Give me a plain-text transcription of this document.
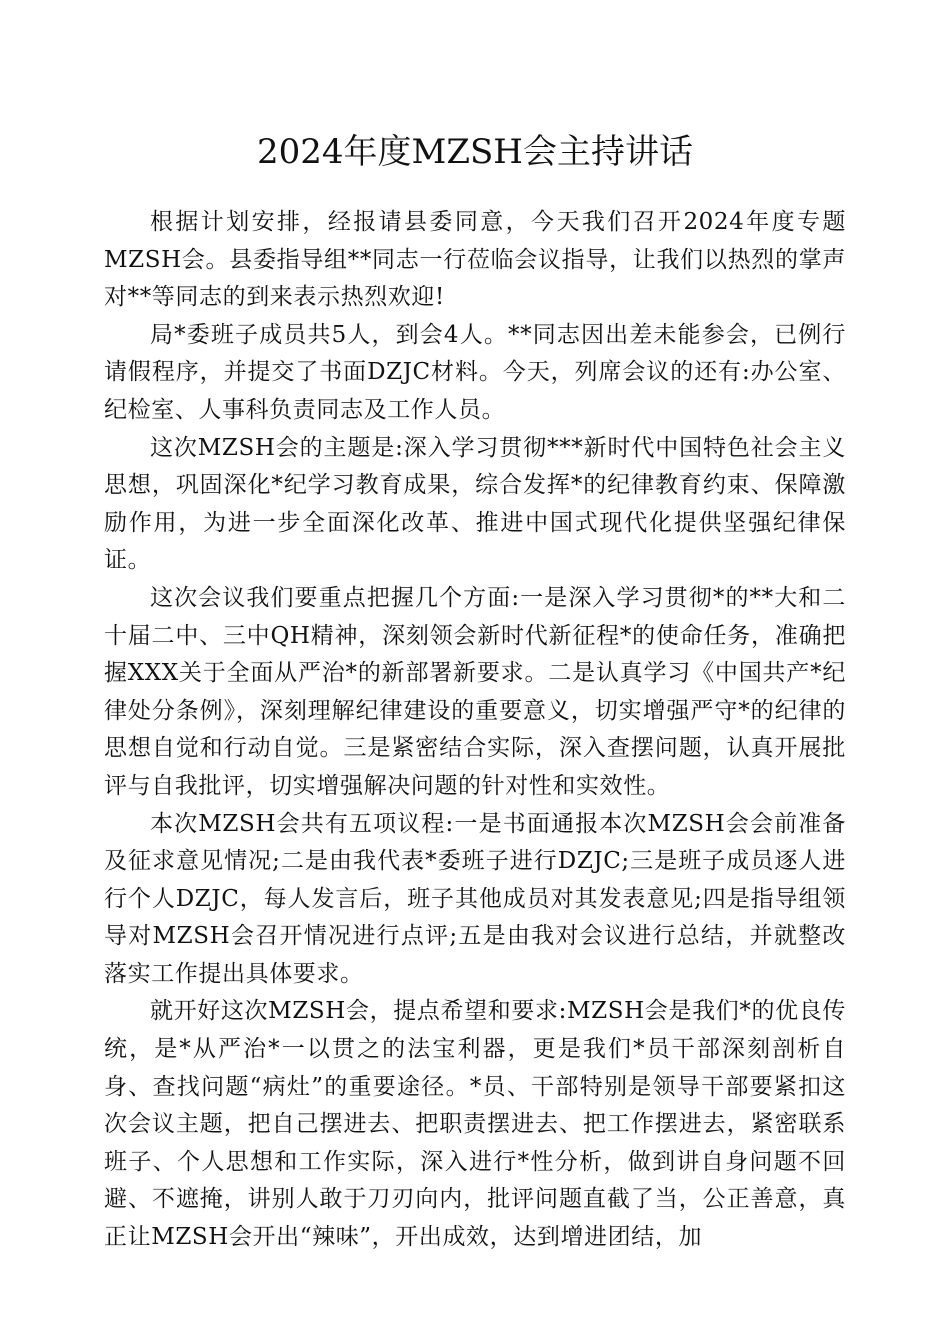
2024年度MZSH会主持讲话

根据计划安排，经报请县委同意，今天我们召开2024年度专题MZSH会。县委指导组**同志一行莅临会议指导，让我们以热烈的掌声对**等同志的到来表示热烈欢迎!

局*委班子成员共5人，到会4人。**同志因出差未能参会，已例行请假程序，并提交了书面DZJC材料。今天，列席会议的还有:办公室、纪检室、人事科负责同志及工作人员。

这次MZSH会的主题是:深入学习贯彻***新时代中国特色社会主义思想，巩固深化*纪学习教育成果，综合发挥*的纪律教育约束、保障激励作用，为进一步全面深化改革、推进中国式现代化提供坚强纪律保证。

这次会议我们要重点把握几个方面:一是深入学习贯彻*的**大和二十届二中、三中QH精神，深刻领会新时代新征程*的使命任务，准确把握XXX关于全面从严治*的新部署新要求。二是认真学习《中国共产*纪律处分条例》，深刻理解纪律建设的重要意义，切实增强严守*的纪律的思想自觉和行动自觉。三是紧密结合实际，深入查摆问题，认真开展批评与自我批评，切实增强解决问题的针对性和实效性。

本次MZSH会共有五项议程:一是书面通报本次MZSH会会前准备及征求意见情况;二是由我代表*委班子进行DZJC;三是班子成员逐人进行个人DZJC，每人发言后，班子其他成员对其发表意见;四是指导组领导对MZSH会召开情况进行点评;五是由我对会议进行总结，并就整改落实工作提出具体要求。

就开好这次MZSH会，提点希望和要求:MZSH会是我们*的优良传统，是*从严治*一以贯之的法宝利器，更是我们*员干部深刻剖析自身、查找问题“病灶”的重要途径。*员、干部特别是领导干部要紧扣这次会议主题，把自己摆进去、把职责摆进去、把工作摆进去，紧密联系班子、个人思想和工作实际，深入进行*性分析，做到讲自身问题不回避、不遮掩，讲别人敢于刀刃向内，批评问题直截了当，公正善意，真正让MZSH会开出“辣味”，开出成效，达到增进团结，加
